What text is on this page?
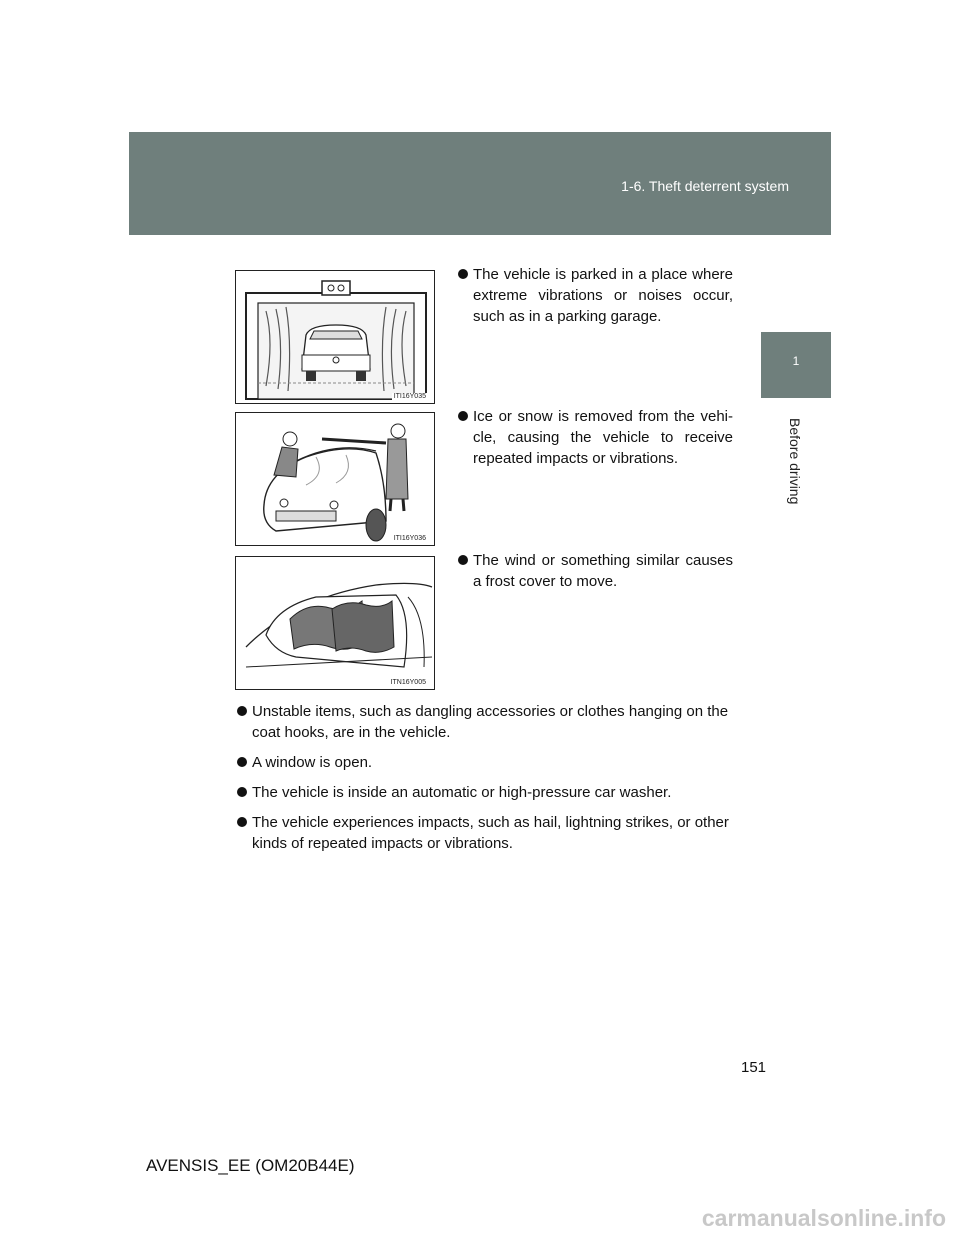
1-6. Theft deterrent system
1
Before driving
ITI16Y035
The vehicle is parked in a place where extreme vibrations or noises occur, such as in a parking garage.
ITI16Y036
Ice or snow is removed from the vehi-cle, causing the vehicle to receive repeated impacts or vibrations.
ITN16Y005
The wind or something similar causes a frost cover to move.
Unstable items, such as dangling accessories or clothes hanging on the coat hooks, are in the vehicle.
A window is open.
The vehicle is inside an automatic or high-pressure car washer.
The vehicle experiences impacts, such as hail, lightning strikes, or other kinds of repeated impacts or vibrations.
151
AVENSIS_EE (OM20B44E)
carmanualsonline.info
